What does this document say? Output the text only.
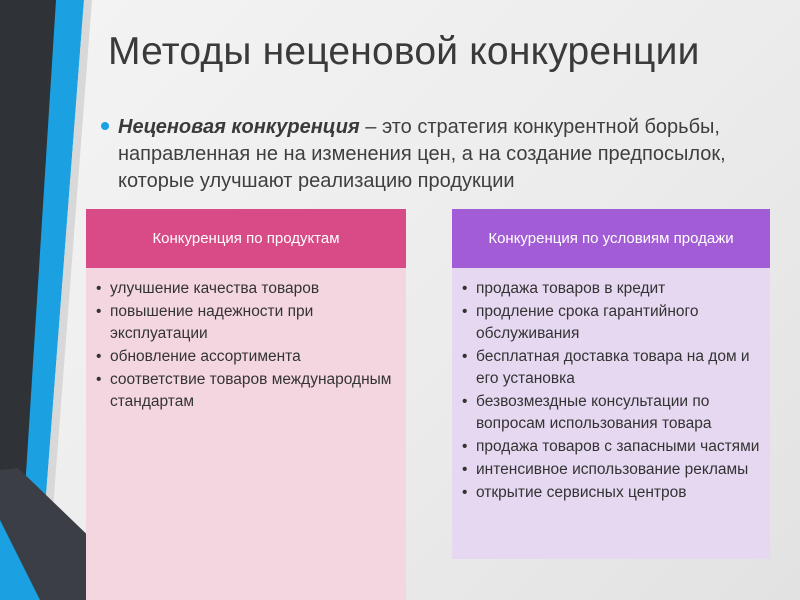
Методы неценовой конкуренции
Неценовая конкуренция – это стратегия конкурентной борьбы, направленная не на изменения цен, а на создание предпосылок, которые улучшают реализацию продукции
Конкуренция по продуктам
• улучшение качества товаров
• повышение надежности при эксплуатации
• обновление ассортимента
• соответствие товаров международным стандартам
Конкуренция по условиям продажи
• продажа товаров в кредит
• продление срока гарантийного обслуживания
• бесплатная доставка товара на дом и его установка
• безвозмездные консультации по вопросам использования товара
• продажа товаров с запасными частями
• интенсивное использование рекламы
• открытие сервисных центров
